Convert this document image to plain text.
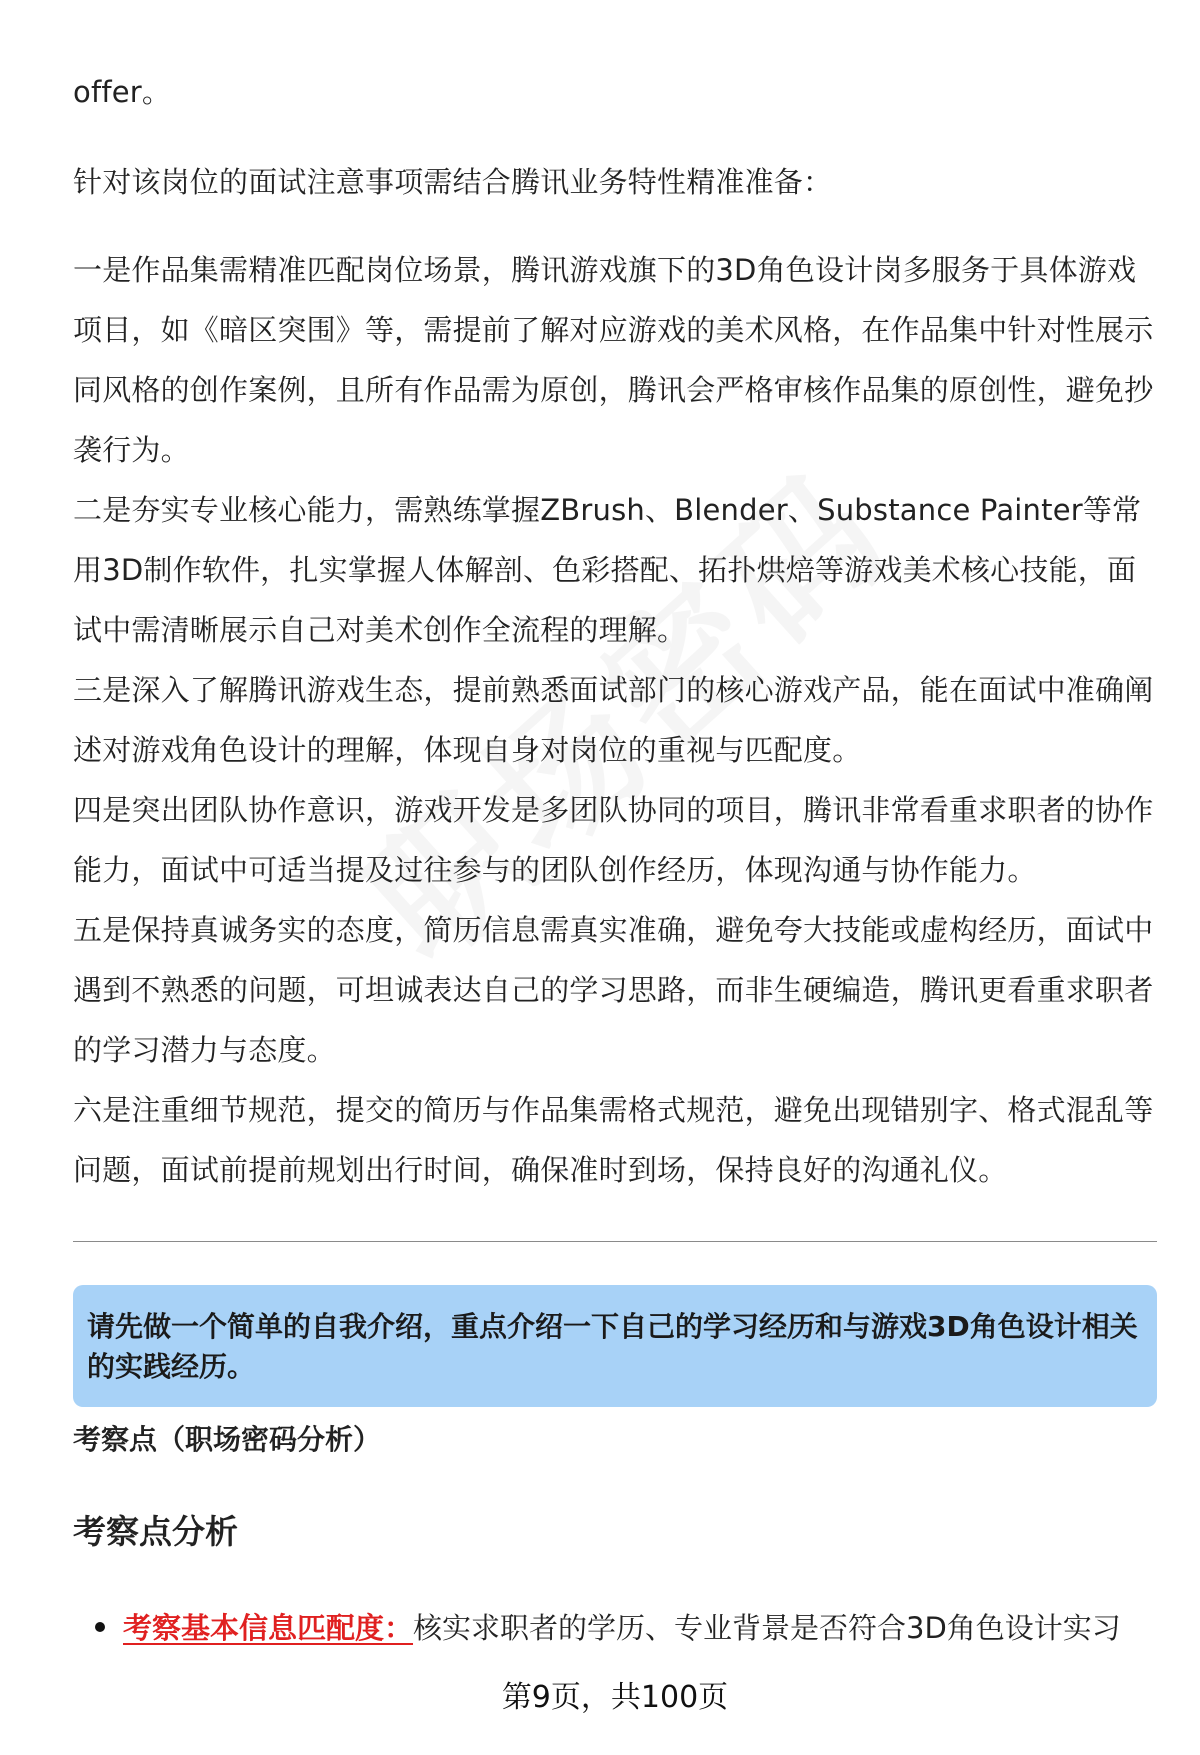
offer。

针对该岗位的面试注意事项需结合腾讯业务特性精准准备：

一是作品集需精准匹配岗位场景，腾讯游戏旗下的3D角色设计岗多服务于具体游戏项目，如《暗区突围》等，需提前了解对应游戏的美术风格，在作品集中针对性展示同风格的创作案例，且所有作品需为原创，腾讯会严格审核作品集的原创性，避免抄袭行为。

二是夯实专业核心能力，需熟练掌握ZBrush、Blender、Substance Painter等常用3D制作软件，扎实掌握人体解剖、色彩搭配、拓扑烘焙等游戏美术核心技能，面试中需清晰展示自己对美术创作全流程的理解。

三是深入了解腾讯游戏生态，提前熟悉面试部门的核心游戏产品，能在面试中准确阐述对游戏角色设计的理解，体现自身对岗位的重视与匹配度。

四是突出团队协作意识，游戏开发是多团队协同的项目，腾讯非常看重求职者的协作能力，面试中可适当提及过往参与的团队创作经历，体现沟通与协作能力。

五是保持真诚务实的态度，简历信息需真实准确，避免夸大技能或虚构经历，面试中遇到不熟悉的问题，可坦诚表达自己的学习思路，而非生硬编造，腾讯更看重求职者的学习潜力与态度。

六是注重细节规范，提交的简历与作品集需格式规范，避免出现错别字、格式混乱等问题，面试前提前规划出行时间，确保准时到场，保持良好的沟通礼仪。

请先做一个简单的自我介绍，重点介绍一下自己的学习经历和与游戏3D角色设计相关的实践经历。

考察点（职场密码分析）

考察点分析

考察基本信息匹配度：核实求职者的学历、专业背景是否符合3D角色设计实习
第9页，共100页
